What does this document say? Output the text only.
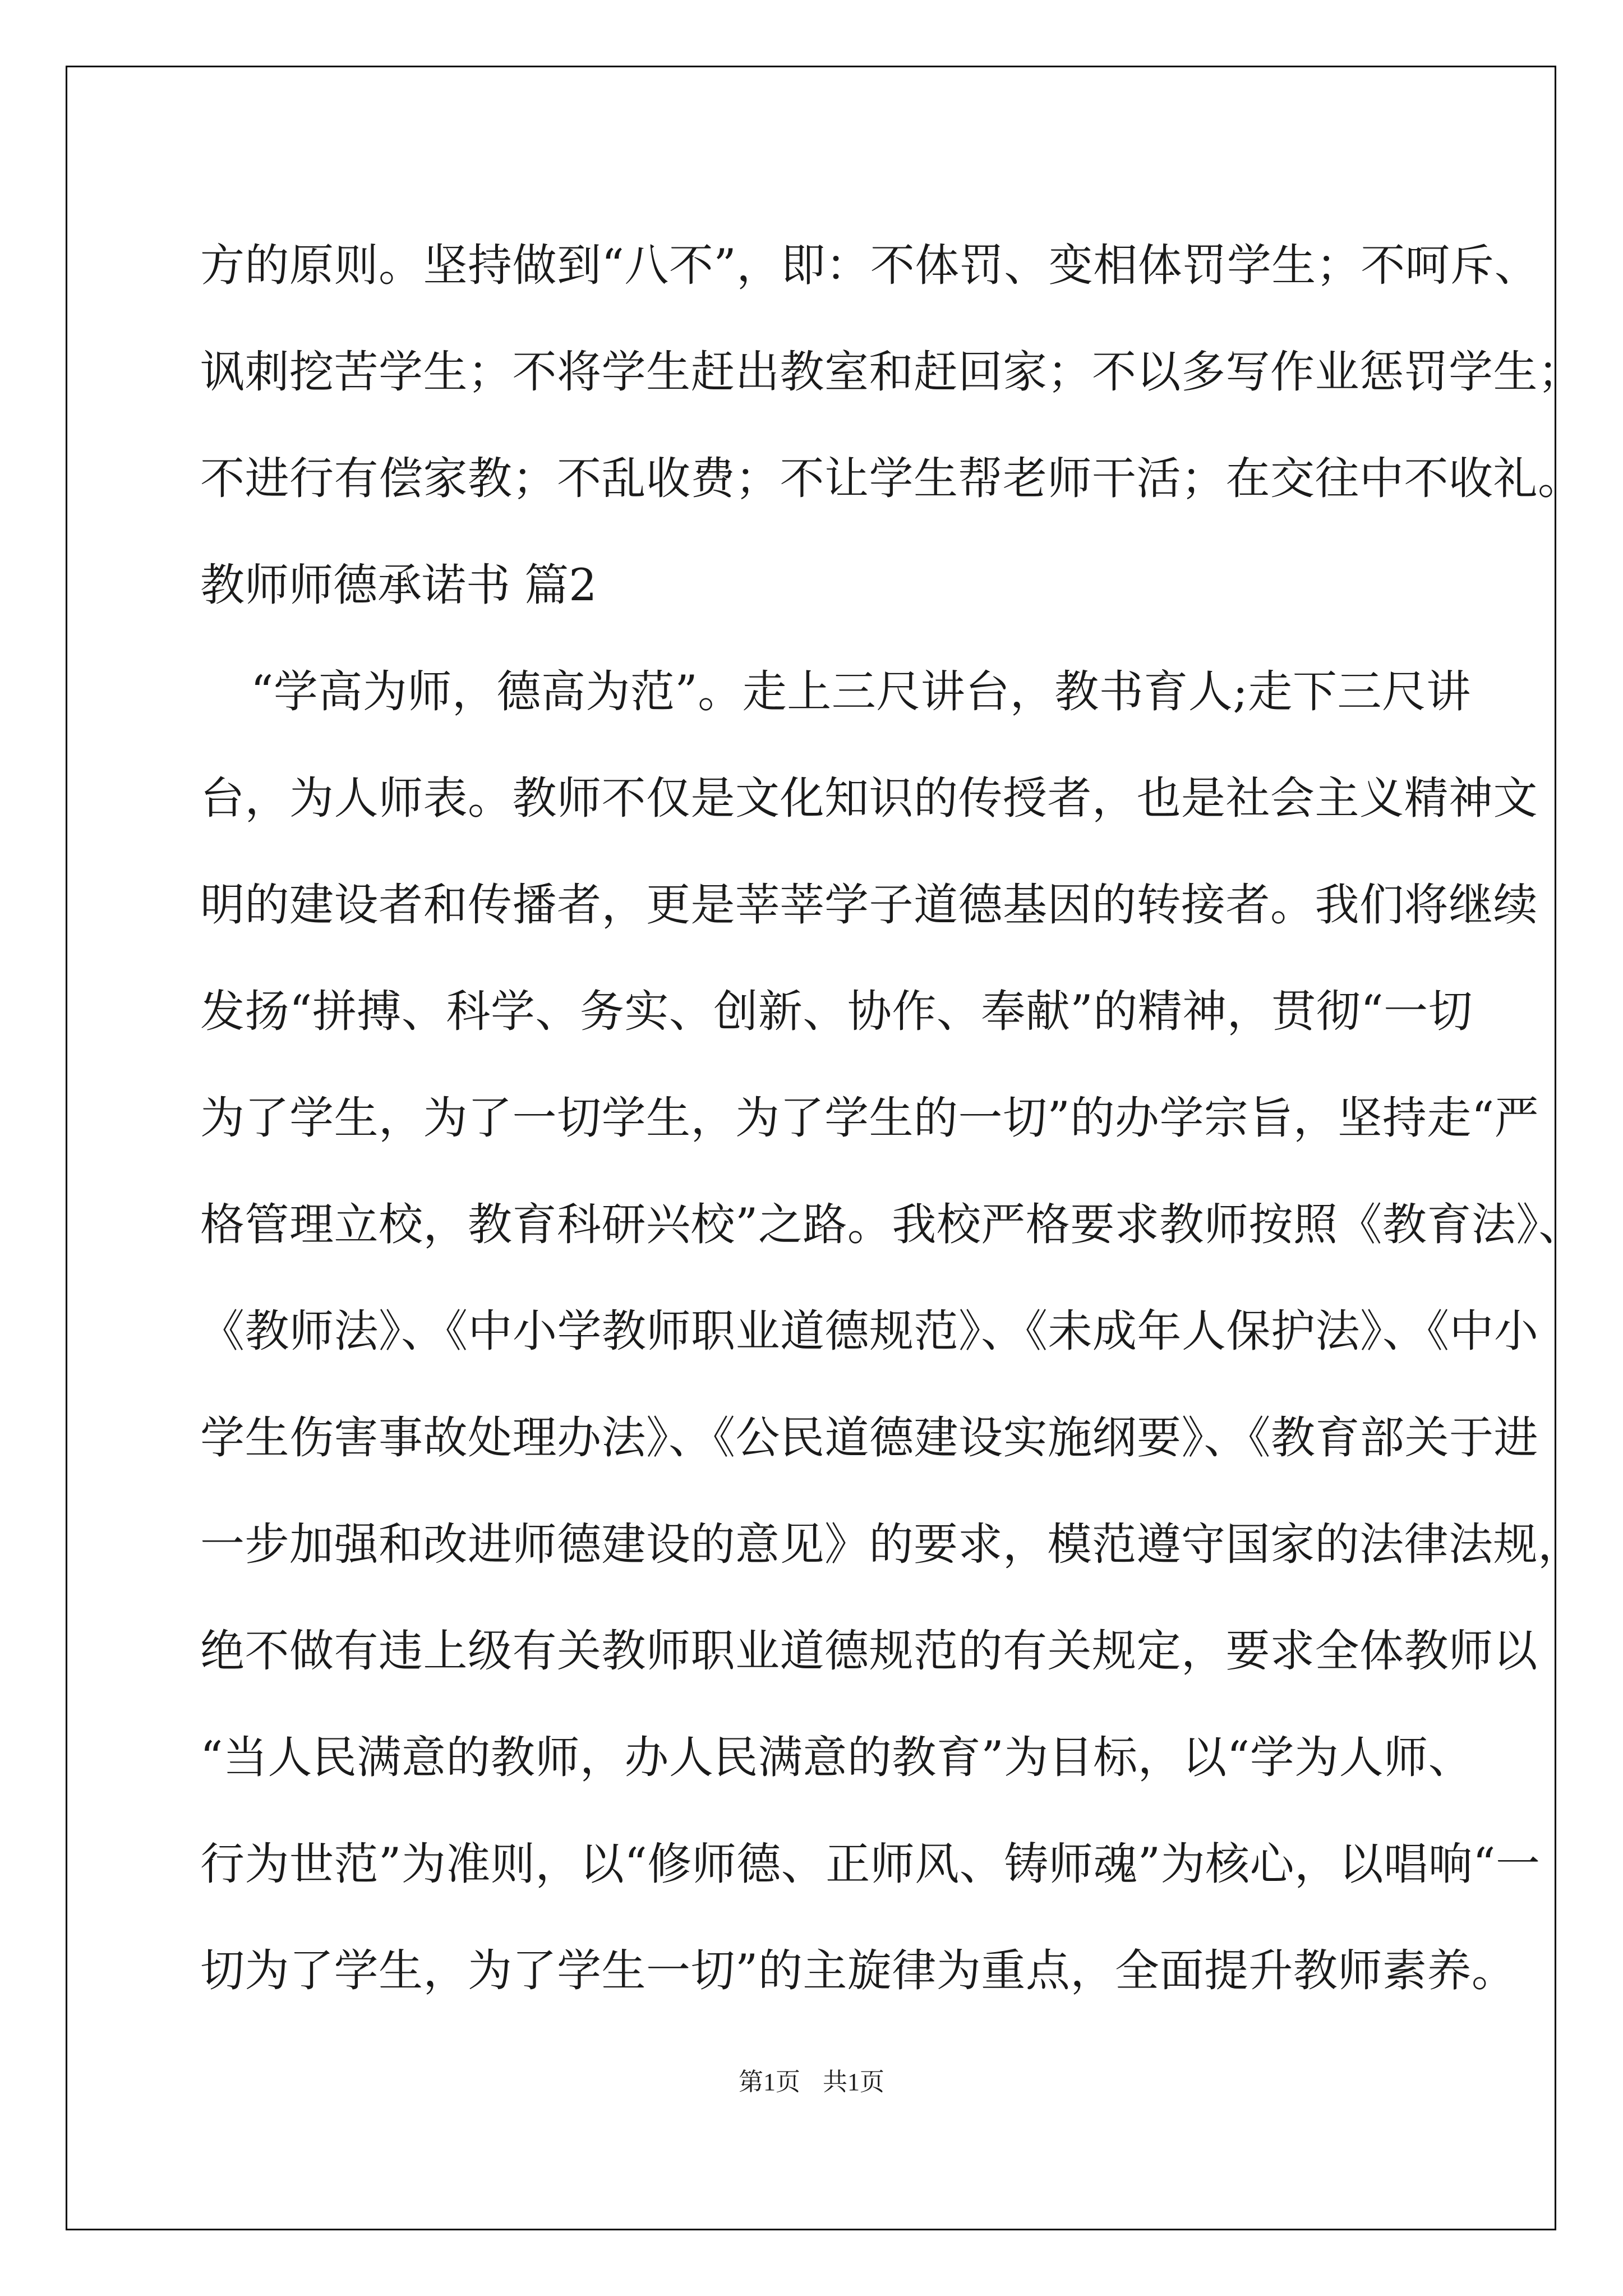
方的原则。坚持做到“八不”，即：不体罚、变相体罚学生；不呵斥、
讽刺挖苦学生；不将学生赶出教室和赶回家；不以多写作业惩罚学生；
不进行有偿家教；不乱收费；不让学生帮老师干活；在交往中不收礼。
教师师德承诺书 篇2
“学高为师，德高为范”。走上三尺讲台，教书育人;走下三尺讲
台，为人师表。教师不仅是文化知识的传授者，也是社会主义精神文
明的建设者和传播者，更是莘莘学子道德基因的转接者。我们将继续
发扬“拼搏、科学、务实、创新、协作、奉献”的精神，贯彻“一切
为了学生，为了一切学生，为了学生的一切”的办学宗旨，坚持走“严
格管理立校，教育科研兴校”之路。我校严格要求教师按照《教育法》、
《教师法》、《中小学教师职业道德规范》、《未成年人保护法》、《中小
学生伤害事故处理办法》、《公民道德建设实施纲要》、《教育部关于进
一步加强和改进师德建设的意见》的要求，模范遵守国家的法律法规，
绝不做有违上级有关教师职业道德规范的有关规定，要求全体教师以
“当人民满意的教师，办人民满意的教育”为目标，以“学为人师、
行为世范”为准则，以“修师德、正师风、铸师魂”为核心，以唱响“一
切为了学生，为了学生一切”的主旋律为重点，全面提升教师素养。
第1页 共1页
